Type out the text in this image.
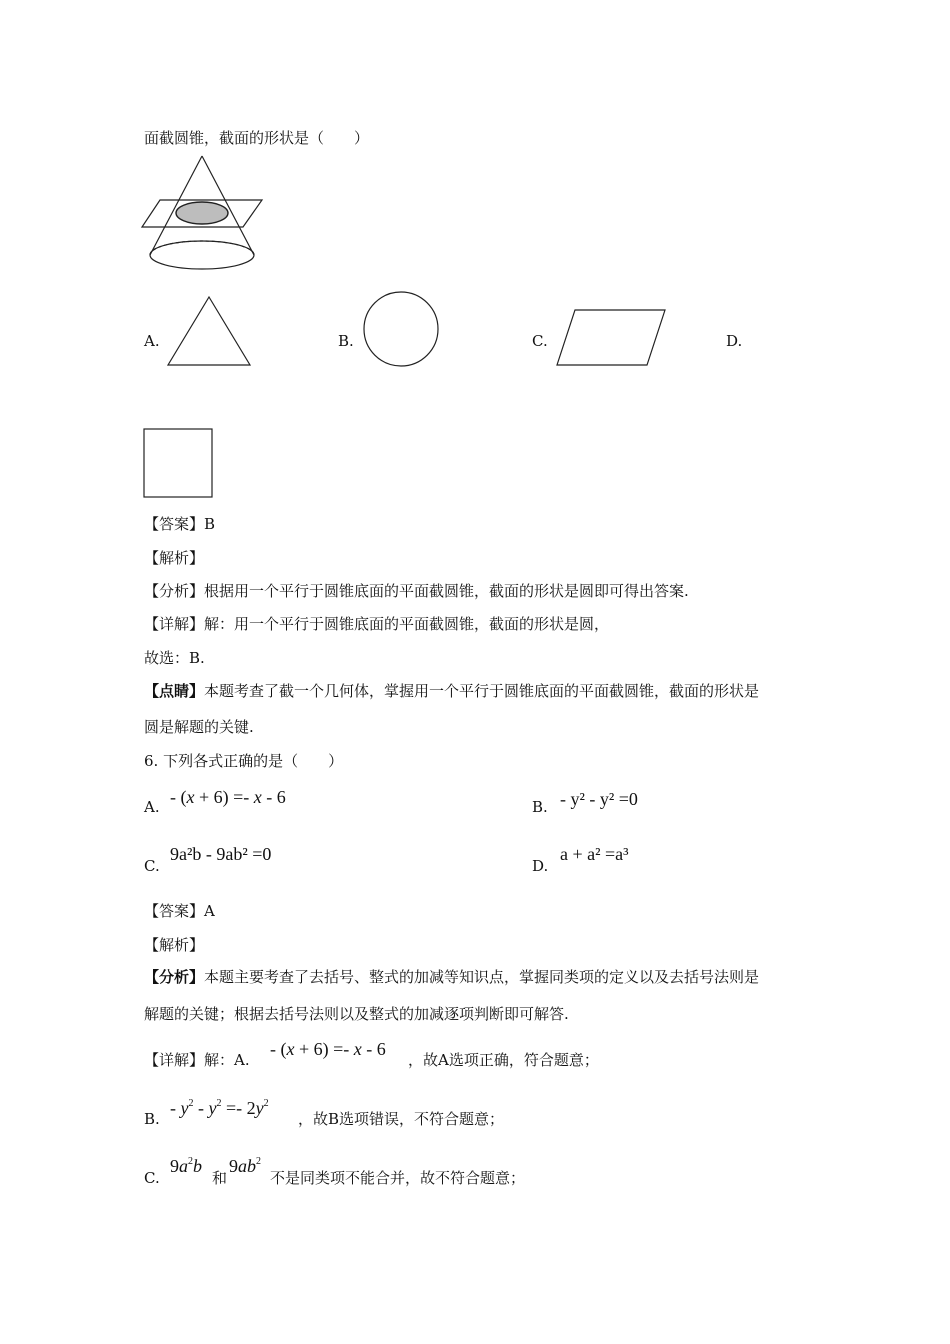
面截圆锥，截面的形状是（　　）
A.	B.	C.	D.
【答案】B
【解析】
【分析】根据用一个平行于圆锥底面的平面截圆锥，截面的形状是圆即可得出答案.
【详解】解：用一个平行于圆锥底面的平面截圆锥，截面的形状是圆，
故选：B.
【点睛】本题考查了截一个几何体，掌握用一个平行于圆锥底面的平面截圆锥，截面的形状是
圆是解题的关键.
6. 下列各式正确的是（　　）
A. - (x + 6) =- x - 6	B. - y² - y² =0
C.
9a²b - 9ab² =0
D.
a + a² =a³
【答案】A
【解析】
【分析】本题主要考查了去括号、整式的加减等知识点，掌握同类项的定义以及去括号法则是
解题的关键；根据去括号法则以及整式的加减逐项判断即可解答.
【详解】解：A.
- (x + 6) =- x - 6
，故A选项正确，符合题意；
B.
- $y^2 - y^2 =- 2y^2$
，故B选项错误，不符合题意；
C.
$9a^2b$
和
$9ab^2$
不是同类项不能合并，故不符合题意；
